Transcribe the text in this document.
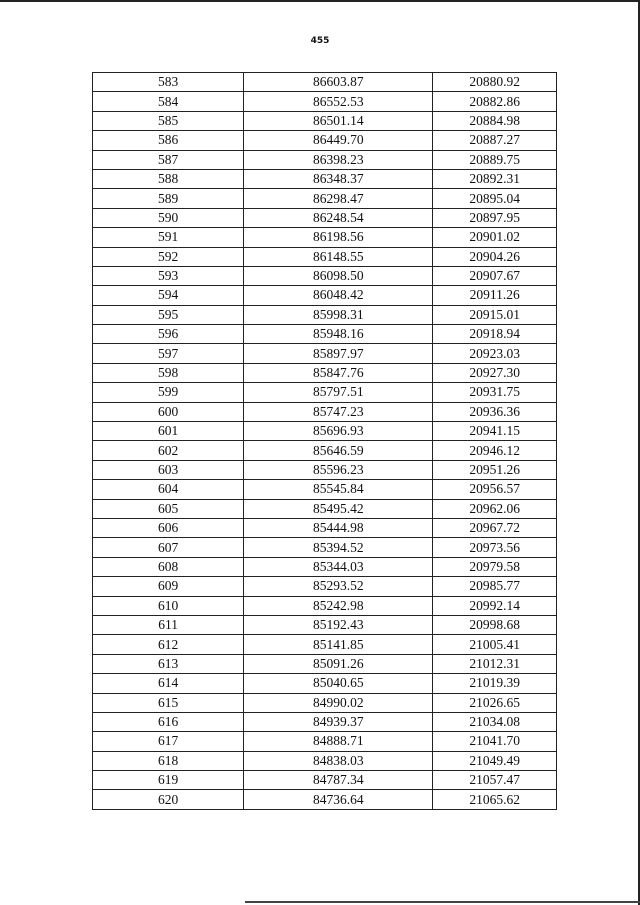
455
583	86603.87	20880.92
584	86552.53	20882.86
585	86501.14	20884.98
586	86449.70	20887.27
587	86398.23	20889.75
588	86348.37	20892.31
589	86298.47	20895.04
590	86248.54	20897.95
591	86198.56	20901.02
592	86148.55	20904.26
593	86098.50	20907.67
594	86048.42	20911.26
595	85998.31	20915.01
596	85948.16	20918.94
597	85897.97	20923.03
598	85847.76	20927.30
599	85797.51	20931.75
600	85747.23	20936.36
601	85696.93	20941.15
602	85646.59	20946.12
603	85596.23	20951.26
604	85545.84	20956.57
605	85495.42	20962.06
606	85444.98	20967.72
607	85394.52	20973.56
608	85344.03	20979.58
609	85293.52	20985.77
610	85242.98	20992.14
611	85192.43	20998.68
612	85141.85	21005.41
613	85091.26	21012.31
614	85040.65	21019.39
615	84990.02	21026.65
616	84939.37	21034.08
617	84888.71	21041.70
618	84838.03	21049.49
619	84787.34	21057.47
620	84736.64	21065.62
